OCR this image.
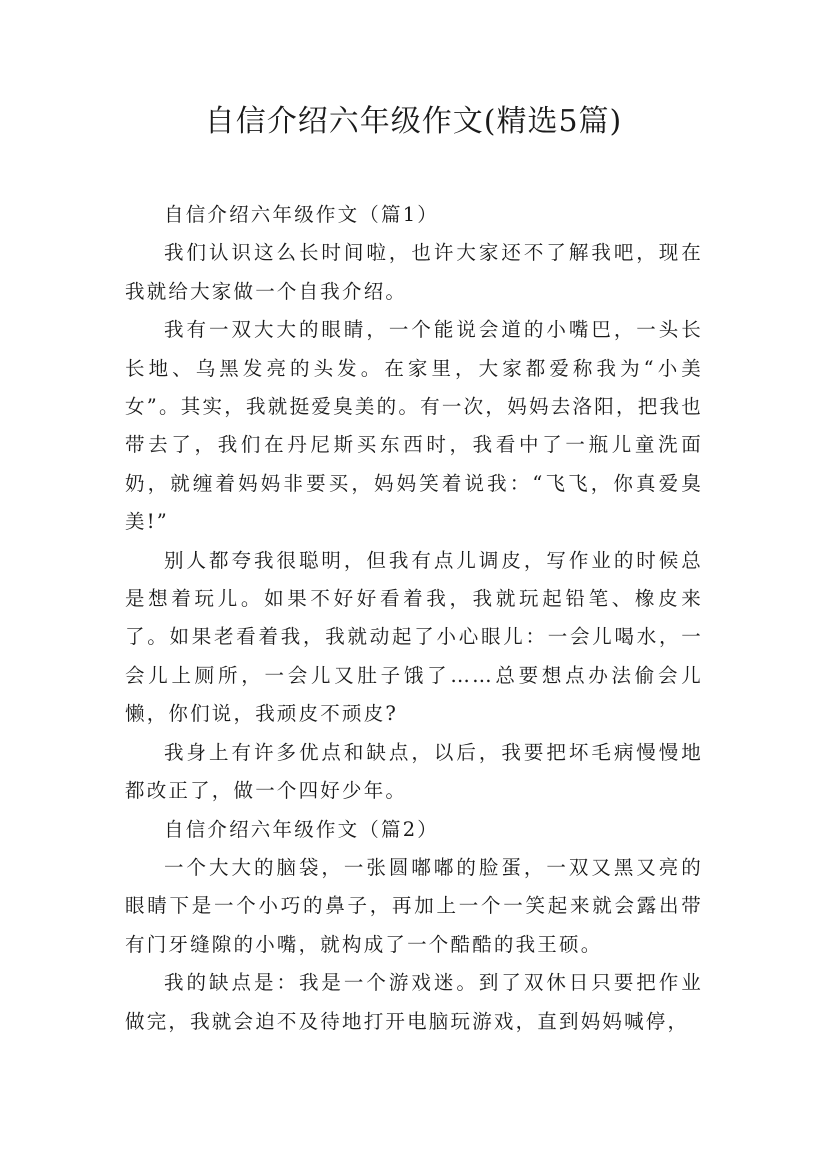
自信介绍六年级作文(精选5篇)

自信介绍六年级作文（篇1）

我们认识这么长时间啦，也许大家还不了解我吧，现在我就给大家做一个自我介绍。

我有一双大大的眼睛，一个能说会道的小嘴巴，一头长长地、乌黑发亮的头发。在家里，大家都爱称我为“小美女”。其实，我就挺爱臭美的。有一次，妈妈去洛阳，把我也带去了，我们在丹尼斯买东西时，我看中了一瓶儿童洗面奶，就缠着妈妈非要买，妈妈笑着说我：“飞飞，你真爱臭美!”

别人都夸我很聪明，但我有点儿调皮，写作业的时候总是想着玩儿。如果不好好看着我，我就玩起铅笔、橡皮来了。如果老看着我，我就动起了小心眼儿：一会儿喝水，一会儿上厕所，一会儿又肚子饿了……总要想点办法偷会儿懒，你们说，我顽皮不顽皮?

我身上有许多优点和缺点，以后，我要把坏毛病慢慢地都改正了，做一个四好少年。

自信介绍六年级作文（篇2）

一个大大的脑袋，一张圆嘟嘟的脸蛋，一双又黑又亮的眼睛下是一个小巧的鼻子，再加上一个一笑起来就会露出带有门牙缝隙的小嘴，就构成了一个酷酷的我王硕。

我的缺点是：我是一个游戏迷。到了双休日只要把作业做完，我就会迫不及待地打开电脑玩游戏，直到妈妈喊停，
